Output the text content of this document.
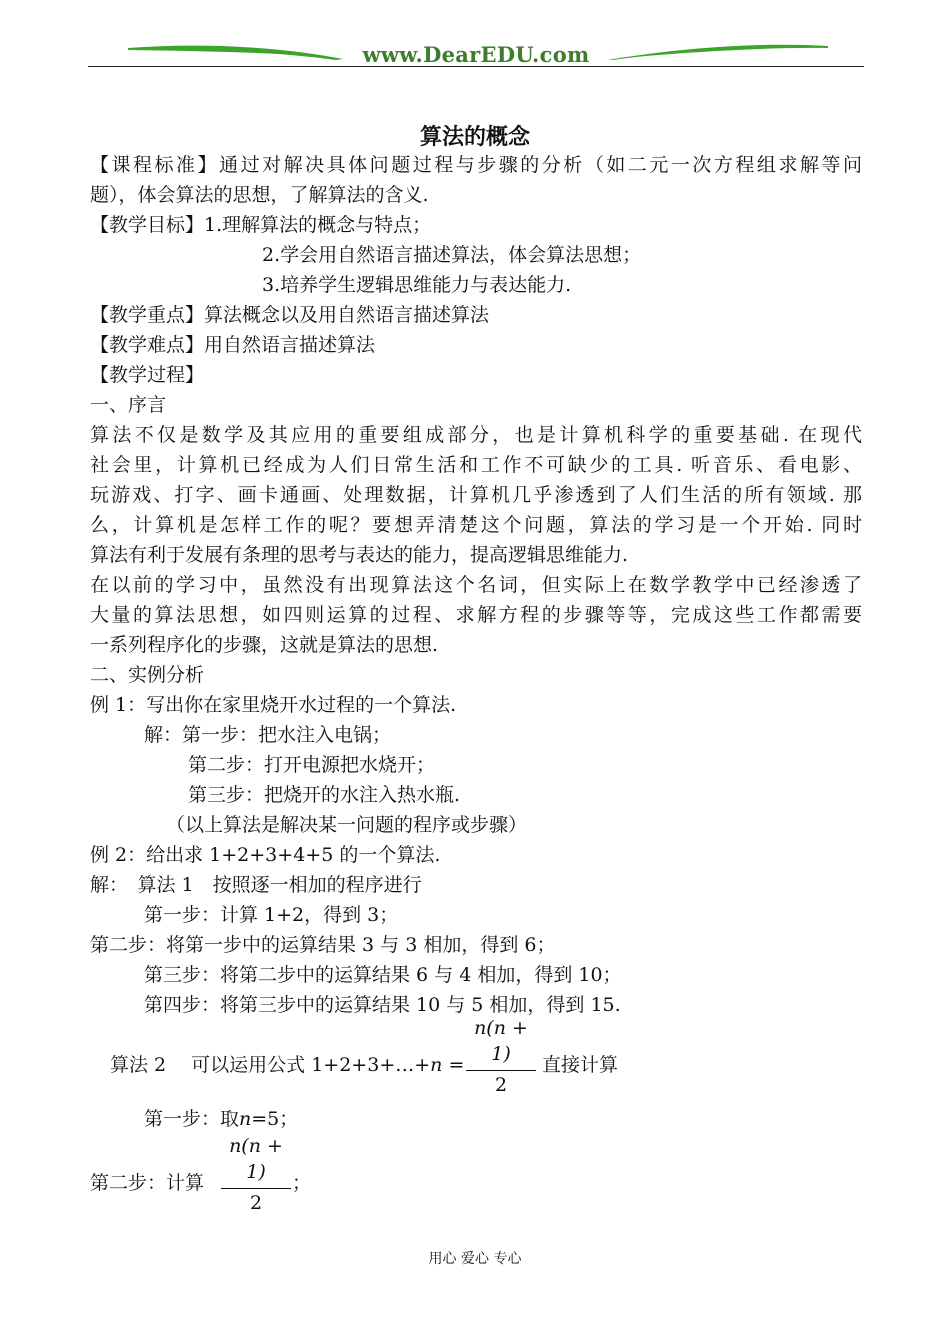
www.DearEDU.com
算法的概念
【课程标准】通过对解决具体问题过程与步骤的分析（如二元一次方程组求解等问
题），体会算法的思想，了解算法的含义.
【教学目标】1.理解算法的概念与特点；
2.学会用自然语言描述算法，体会算法思想；
3.培养学生逻辑思维能力与表达能力.
【教学重点】算法概念以及用自然语言描述算法
【教学难点】用自然语言描述算法
【教学过程】
一、序言
算法不仅是数学及其应用的重要组成部分，也是计算机科学的重要基础. 在现代
社会里，计算机已经成为人们日常生活和工作不可缺少的工具. 听音乐、看电影、
玩游戏、打字、画卡通画、处理数据，计算机几乎渗透到了人们生活的所有领域. 那
么，计算机是怎样工作的呢？要想弄清楚这个问题，算法的学习是一个开始. 同时
算法有利于发展有条理的思考与表达的能力，提高逻辑思维能力.
在以前的学习中，虽然没有出现算法这个名词，但实际上在数学教学中已经渗透了
大量的算法思想，如四则运算的过程、求解方程的步骤等等，完成这些工作都需要
一系列程序化的步骤，这就是算法的思想.
二、实例分析
例 1：写出你在家里烧开水过程的一个算法.
解：第一步：把水注入电锅；
第二步：打开电源把水烧开；
第三步：把烧开的水注入热水瓶.
（以上算法是解决某一问题的程序或步骤）
例 2：给出求 1+2+3+4+5 的一个算法.
解：　算法 1　按照逐一相加的程序进行
第一步：计算 1+2，得到 3；
第二步：将第一步中的运算结果 3 与 3 相加，得到 6；
第三步：将第二步中的运算结果 6 与 4 相加，得到 10；
第四步：将第三步中的运算结果 10 与 5 相加，得到 15.
算法 2　 可以运用公式 1+2+3+…+n =
n(n + 1)
2
直接计算
第一步：取n=5；
第二步：计算
n(n + 1)
2
；
用心 爱心 专心
